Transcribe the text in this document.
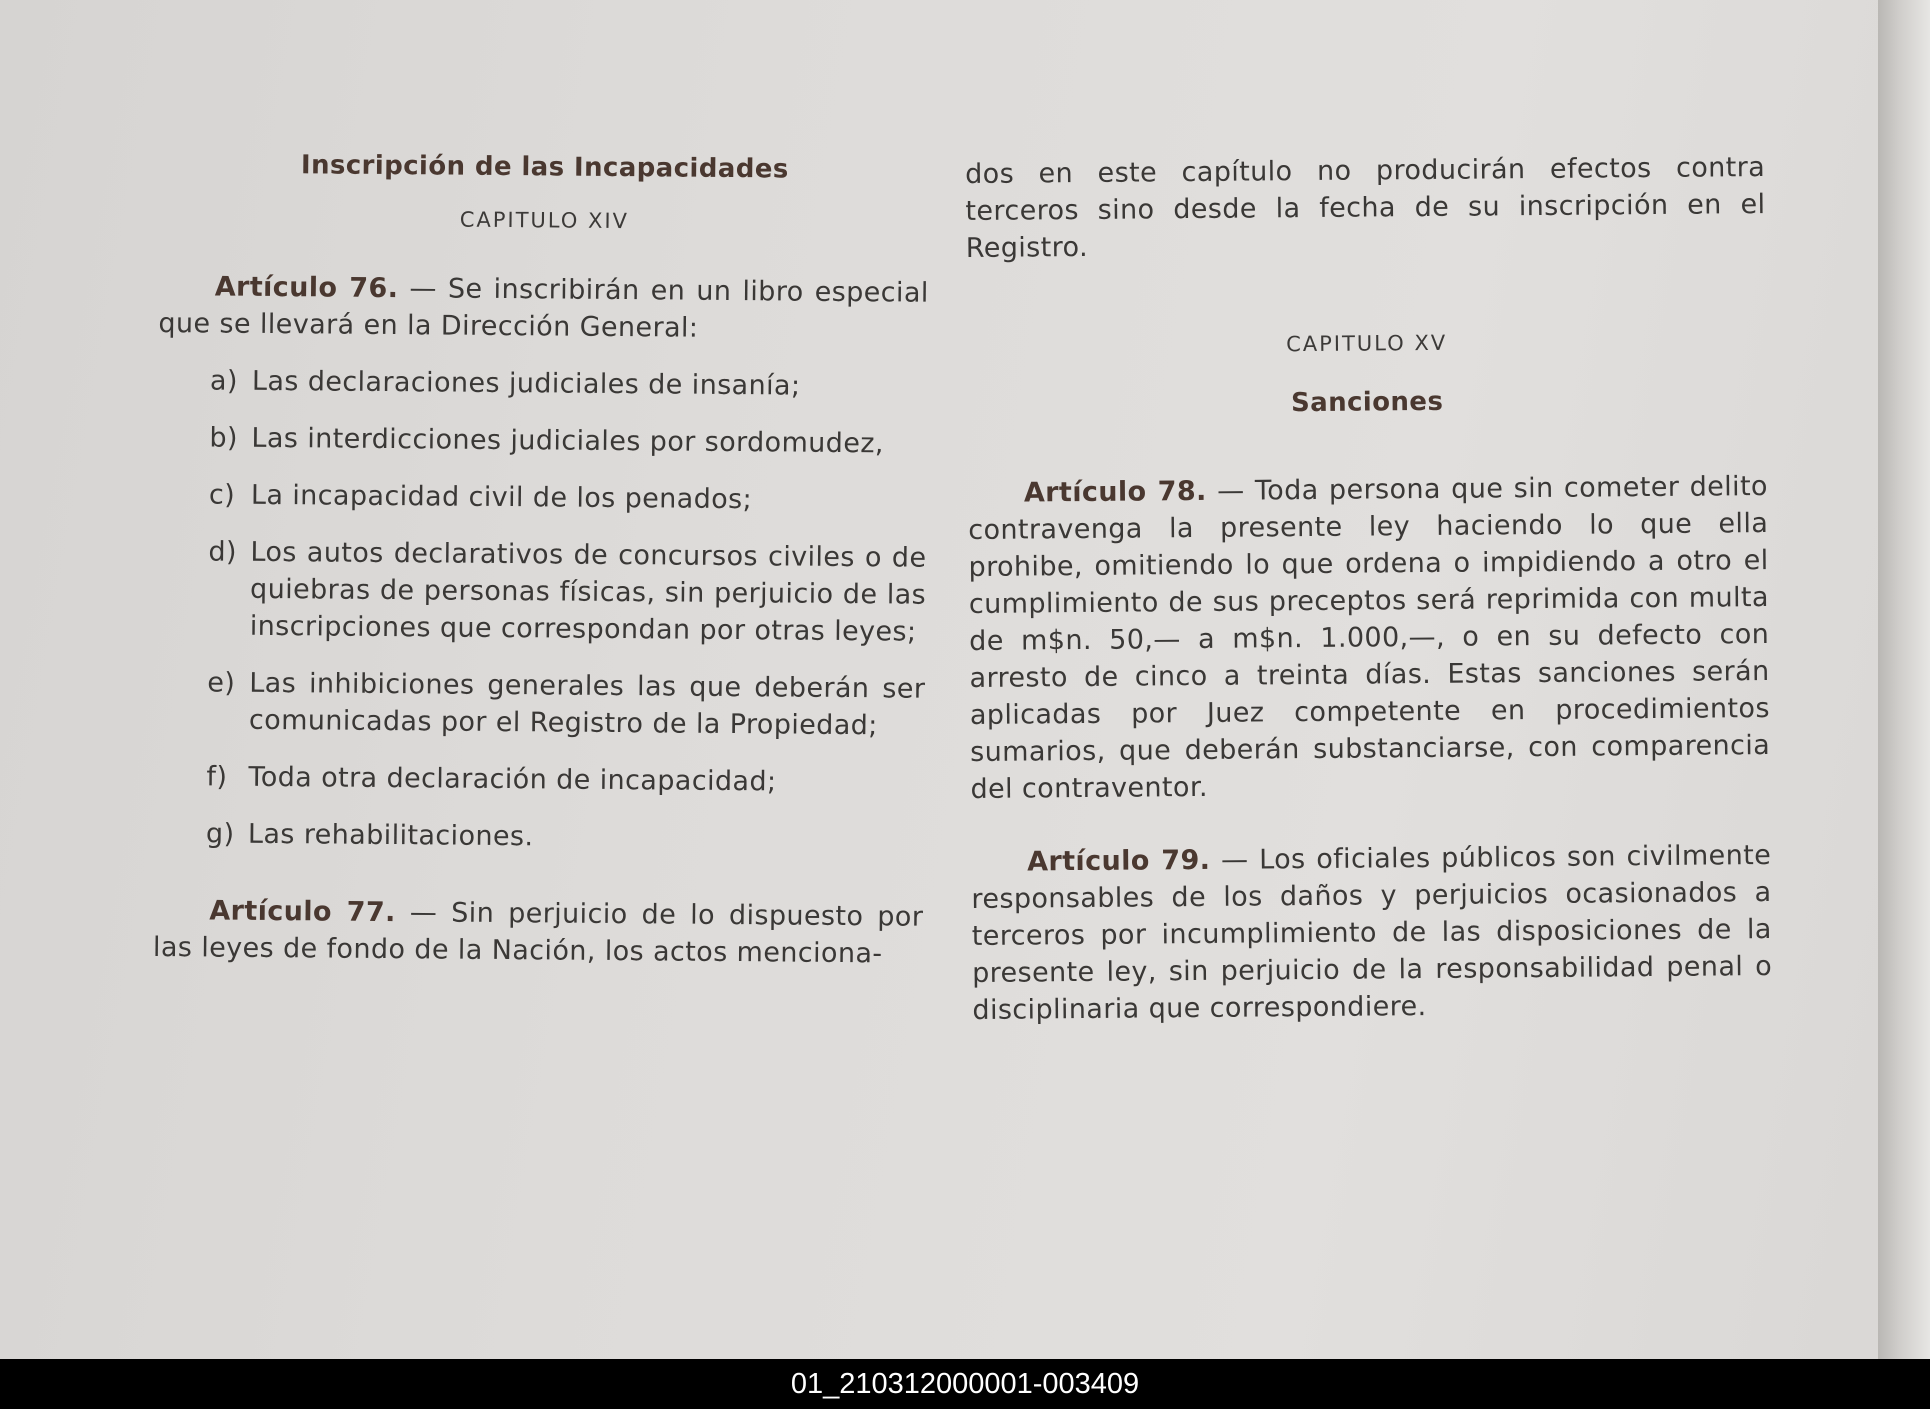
Inscripción de las Incapacidades

CAPITULO XIV

Artículo 76. — Se inscribirán en un libro especial que se llevará en la Dirección General:

a) Las declaraciones judiciales de insanía;
b) Las interdicciones judiciales por sordomudez,
c) La incapacidad civil de los penados;
d) Los autos declarativos de concursos civiles o de quiebras de personas físicas, sin perjuicio de las inscripciones que correspondan por otras leyes;
e) Las inhibiciones generales las que deberán ser comunicadas por el Registro de la Propiedad;
f) Toda otra declaración de incapacidad;
g) Las rehabilitaciones.

Artículo 77. — Sin perjuicio de lo dispuesto por las leyes de fondo de la Nación, los actos menciona-

dos en este capítulo no producirán efectos contra terceros sino desde la fecha de su inscripción en el Registro.

CAPITULO XV

Sanciones

Artículo 78. — Toda persona que sin cometer delito contravenga la presente ley haciendo lo que ella prohibe, omitiendo lo que ordena o impidiendo a otro el cumplimiento de sus preceptos será reprimida con multa de m$n. 50,— a m$n. 1.000,—, o en su defecto con arresto de cinco a treinta días. Estas sanciones serán aplicadas por Juez competente en procedimientos sumarios, que deberán substanciarse, con comparencia del contraventor.

Artículo 79. — Los oficiales públicos son civilmente responsables de los daños y perjuicios ocasionados a terceros por incumplimiento de las disposiciones de la presente ley, sin perjuicio de la responsabilidad penal o disciplinaria que correspondiere.

01_210312000001-003409
